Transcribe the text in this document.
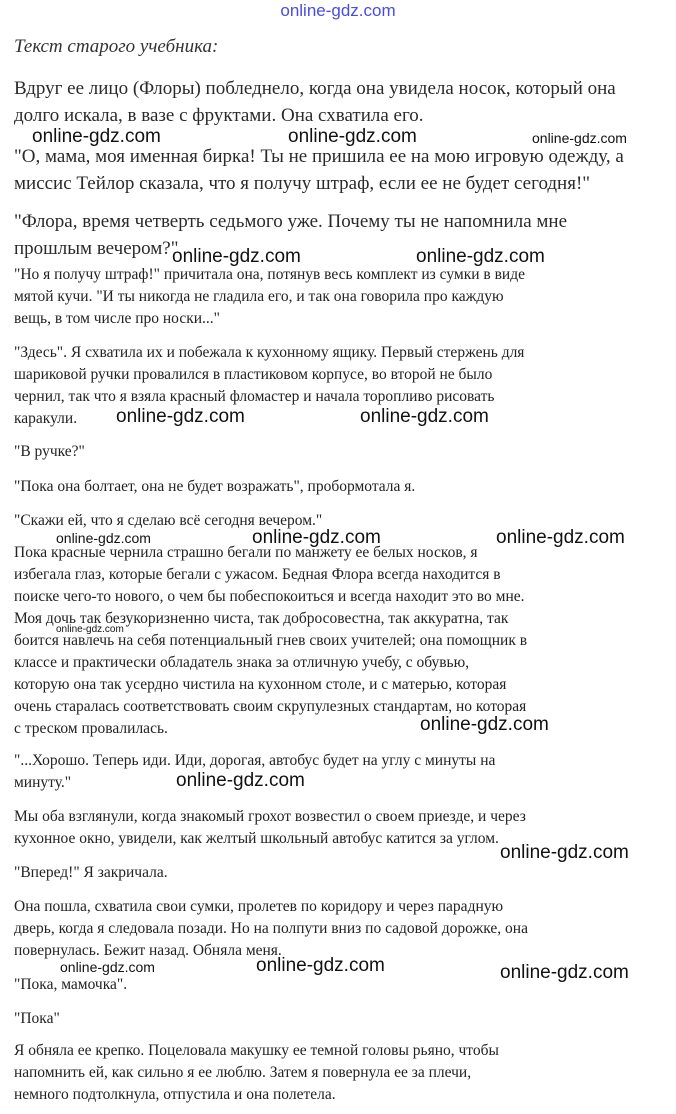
online-gdz.com

Текст старого учебника:

Вдруг ее лицо (Флоры) побледнело, когда она увидела носок, который она

долго искала, в вазе с фруктами. Она схватила его.

"О, мама, моя именная бирка! Ты не пришила ее на мою игровую одежду, а

миссис Тейлор сказала, что я получу штраф, если ее не будет сегодня!"

"Флора, время четверть седьмого уже. Почему ты не напомнила мне

прошлым вечером?"

"Но я получу штраф!" причитала она, потянув весь комплект из сумки в виде

мятой кучи. "И ты никогда не гладила его, и так она говорила про каждую

вещь, в том числе про носки..."

"Здесь". Я схватила их и побежала к кухонному ящику. Первый стержень для

шариковой ручки провалился в пластиковом корпусе, во второй не было

чернил, так что я взяла красный фломастер и начала торопливо рисовать

каракули.

"В ручке?"

"Пока она болтает, она не будет возражать", пробормотала я.

"Скажи ей, что я сделаю всё сегодня вечером."

Пока красные чернила страшно бегали по манжету ее белых носков, я

избегала глаз, которые бегали с ужасом. Бедная Флора всегда находится в

поиске чего-то нового, о чем бы побеспокоиться и всегда находит это во мне.

Моя дочь так безукоризненно чиста, так добросовестна, так аккуратна, так

боится навлечь на себя потенциальный гнев своих учителей; она помощник в

классе и практически обладатель знака за отличную учебу, с обувью,

которую она так усердно чистила на кухонном столе, и с матерью, которая

очень старалась соответствовать своим скрупулезных стандартам, но которая

с треском провалилась.

"...Хорошо. Теперь иди. Иди, дорогая, автобус будет на углу с минуты на

минуту."

Мы оба взглянули, когда знакомый грохот возвестил о своем приезде, и через

кухонное окно, увидели, как желтый школьный автобус катится за углом.

"Вперед!" Я закричала.

Она пошла, схватила свои сумки, пролетев по коридору и через парадную

дверь, когда я следовала позади. Но на полпути вниз по садовой дорожке, она

повернулась. Бежит назад. Обняла меня.

"Пока, мамочка".

"Пока"

Я обняла ее крепко. Поцеловала макушку ее темной головы рьяно, чтобы

напомнить ей, как сильно я ее люблю. Затем я повернула ее за плечи,

немного подтолкнула, отпустила и она полетела.

online-gdz.com	online-gdz.com	online-gdz.com
online-gdz.com	online-gdz.com
online-gdz.com	online-gdz.com
online-gdz.com	online-gdz.com	online-gdz.com
online-gdz.com
online-gdz.com
online-gdz.com
online-gdz.com
online-gdz.com	online-gdz.com	online-gdz.com
